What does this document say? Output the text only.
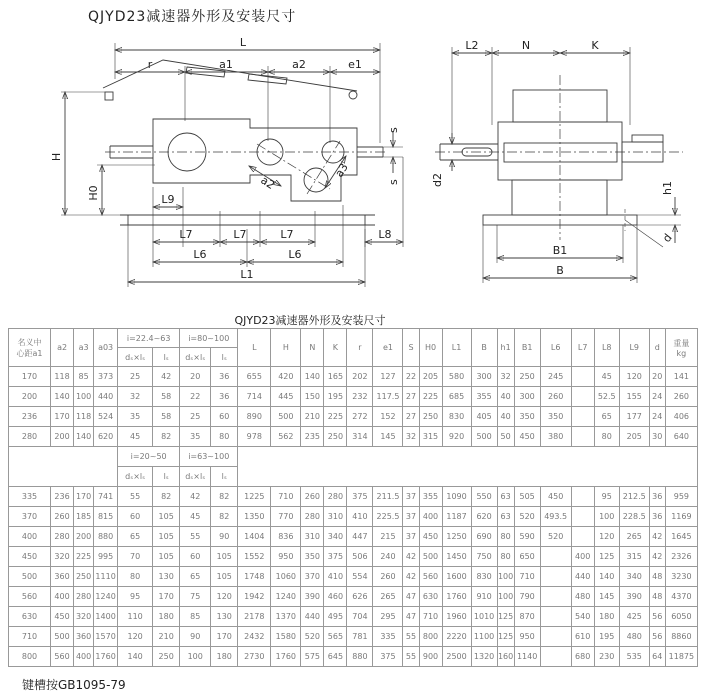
QJYD23减速器外形及安装尺寸
L
r	a1	a2	e1
a2
a3
s
s
H
H0	L9
L7	L7	L7	L8
L6	L6
L1
L2	N	K
d2
h1
d
B1
B
QJYD23减速器外形及安装尺寸
名义中
心距a1	a2	a3	a03	i=22.4~63		i=80~100		L	H	N	K	r	e1	S	H0	L1	B	h1	B1	L6	L7	L8	L9	d	重量
kg
				dₛ×lₛ	lₛ	dₛ×lₛ	lₛ																		
170	118	85	373	25	42	20	36	655	420	140	165	202	127	22	205	580	300	32	250	245		45	120	20	141
200	140	100	440	32	58	22	36	714	445	150	195	232	117.5	27	225	685	355	40	300	260		52.5	155	24	260
236	170	118	524	35	58	25	60	890	500	210	225	272	152	27	250	830	405	40	350	350		65	177	24	406
280	200	140	620	45	82	35	80	978	562	235	250	314	145	32	315	920	500	50	450	380		80	205	30	640
				i=20~50		i=63~100																			
				dₛ×lₛ	lₛ	dₛ×lₛ	lₛ																		
335	236	170	741	55	82	42	82	1225	710	260	280	375	211.5	37	355	1090	550	63	505	450		95	212.5	36	959
370	260	185	815	60	105	45	82	1350	770	280	310	410	225.5	37	400	1187	620	63	520	493.5		100	228.5	36	1169
400	280	200	880	65	105	55	90	1404	836	310	340	447	215	37	450	1250	690	80	590	520		120	265	42	1645
450	320	225	995	70	105	60	105	1552	950	350	375	506	240	42	500	1450	750	80	650		400	125	315	42	2326
500	360	250	1110	80	130	65	105	1748	1060	370	410	554	260	42	560	1600	830	100	710		440	140	340	48	3230
560	400	280	1240	95	170	75	120	1942	1240	390	460	626	265	47	630	1760	910	100	790		480	145	390	48	4370
630	450	320	1400	110	180	85	130	2178	1370	440	495	704	295	47	710	1960	1010	125	870		540	180	425	56	6050
710	500	360	1570	120	210	90	170	2432	1580	520	565	781	335	55	800	2220	1100	125	950		610	195	480	56	8860
800	560	400	1760	140	250	100	180	2730	1760	575	645	880	375	55	900	2500	1320	160	1140		680	230	535	64	11875
键槽按GB1095-79
